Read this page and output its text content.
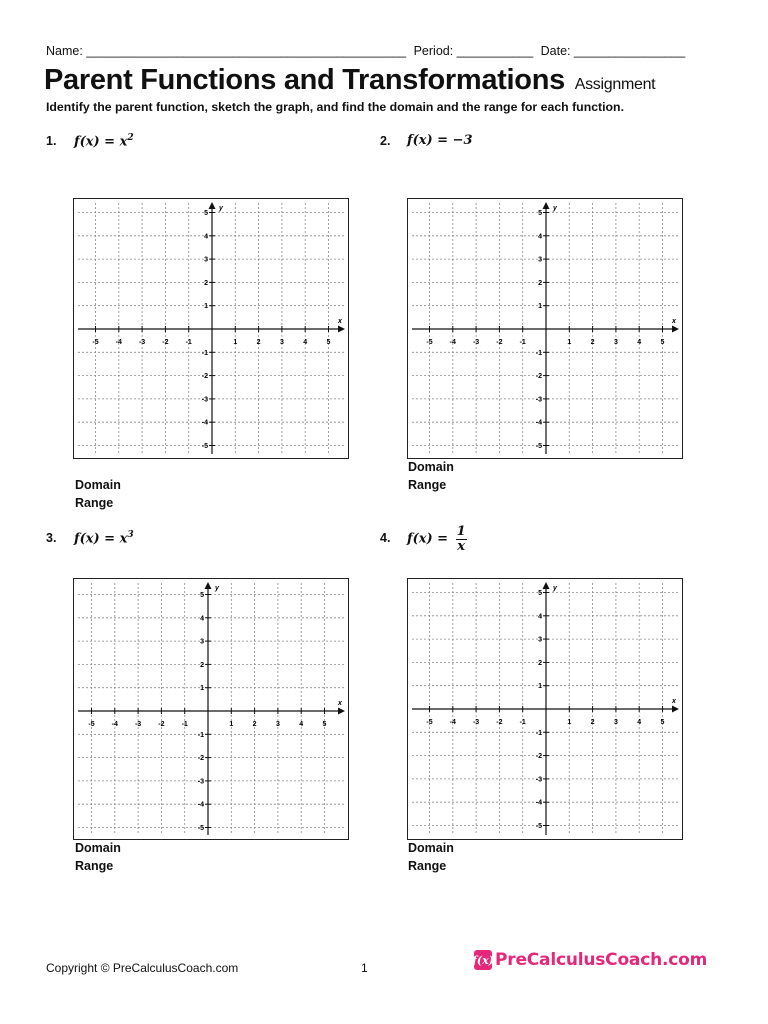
Name: ______________________________________________ Period: ___________ Date: ________________
Parent Functions and Transformations Assignment
Identify the parent function, sketch the graph, and find the domain and the range for each function.
1. $f(x) = x^2$
x
y
-5 -4 -3 -2 -1	1	2	3	4	5
5
4
3
2
1
-1
-2
-3
-4
-5
Domain
Range
2. f(x) = −3
x
y
-5 -4 -3 -2 -1	1	2	3	4	5
5
4
3
2
1
-1
-2
-3
-4
-5
Domain
Range
3. $f(x) = x^3$
x
y
-5 -4 -3 -2 -1	1	2	3	4	5
5
4
3
2
1
-1
-2
-3
-4
-5
Domain
Range
4. $f(x) = \frac{1}{x}$
x
y
-5 -4 -3 -2 -1	1	2	3	4	5
5
4
3
2
1
-1
-2
-3
-4
-5
Domain
Range
Copyright © PreCalculusCoach.com	1
f(x) PreCalculusCoach.com
